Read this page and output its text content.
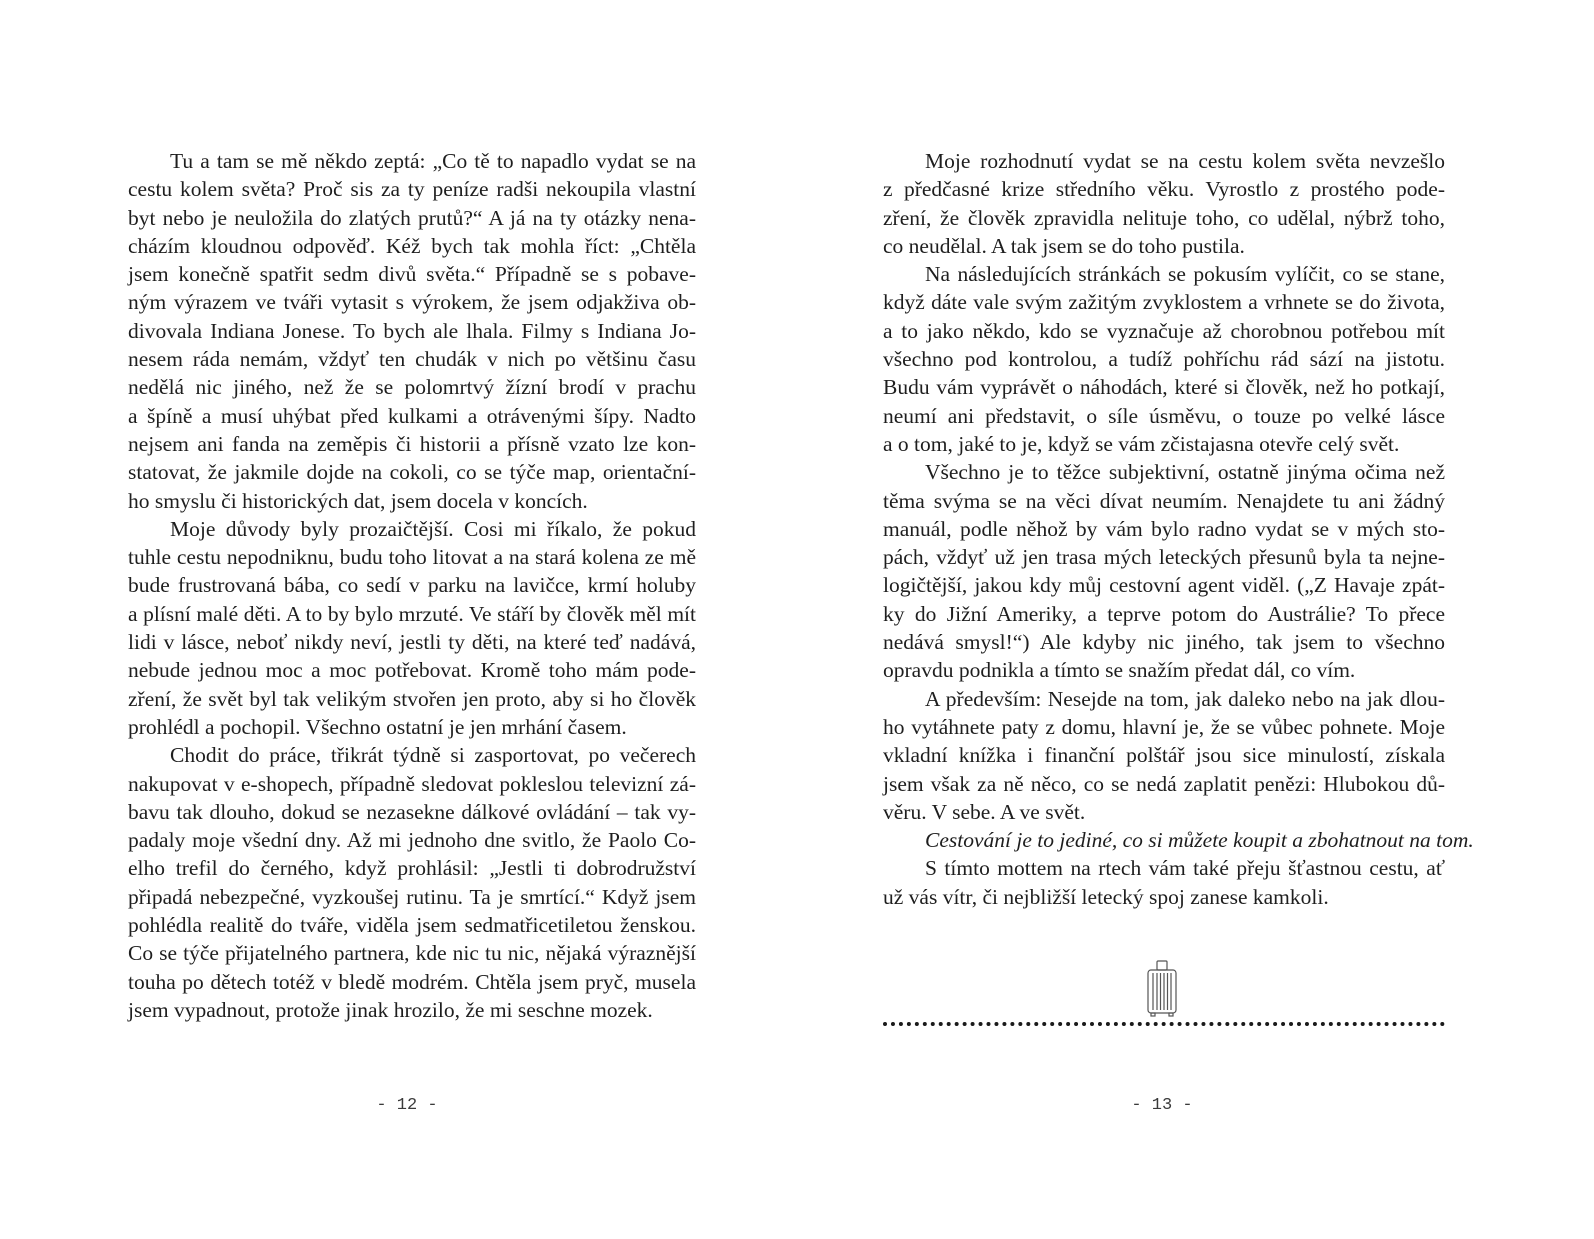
Tu a tam se mě někdo zeptá: „Co tě to napadlo vydat se na
cestu kolem světa? Proč sis za ty peníze radši nekoupila vlastní
byt nebo je neuložila do zlatých prutů?“ A já na ty otázky nena-
cházím kloudnou odpověď. Kéž bych tak mohla říct: „Chtěla
jsem konečně spatřit sedm divů světa.“ Případně se s pobave-
ným výrazem ve tváři vytasit s výrokem, že jsem odjakživa ob-
divovala Indiana Jonese. To bych ale lhala. Filmy s Indiana Jo-
nesem ráda nemám, vždyť ten chudák v nich po většinu času
nedělá nic jiného, než že se polomrtvý žízní brodí v prachu
a špíně a musí uhýbat před kulkami a otrávenými šípy. Nadto
nejsem ani fanda na zeměpis či historii a přísně vzato lze kon-
statovat, že jakmile dojde na cokoli, co se týče map, orientační-
ho smyslu či historických dat, jsem docela v koncích.
Moje důvody byly prozaičtější. Cosi mi říkalo, že pokud
tuhle cestu nepodniknu, budu toho litovat a na stará kolena ze mě
bude frustrovaná bába, co sedí v parku na lavičce, krmí holuby
a plísní malé děti. A to by bylo mrzuté. Ve stáří by člověk měl mít
lidi v lásce, neboť nikdy neví, jestli ty děti, na které teď nadává,
nebude jednou moc a moc potřebovat. Kromě toho mám pode-
zření, že svět byl tak velikým stvořen jen proto, aby si ho člověk
prohlédl a pochopil. Všechno ostatní je jen mrhání časem.
Chodit do práce, třikrát týdně si zasportovat, po večerech
nakupovat v e-shopech, případně sledovat pokleslou televizní zá-
bavu tak dlouho, dokud se nezasekne dálkové ovládání – tak vy-
padaly moje všední dny. Až mi jednoho dne svitlo, že Paolo Co-
elho trefil do černého, když prohlásil: „Jestli ti dobrodružství
připadá nebezpečné, vyzkoušej rutinu. Ta je smrtící.“ Když jsem
pohlédla realitě do tváře, viděla jsem sedmatřicetiletou ženskou.
Co se týče přijatelného partnera, kde nic tu nic, nějaká výraznější
touha po dětech totéž v bledě modrém. Chtěla jsem pryč, musela
jsem vypadnout, protože jinak hrozilo, že mi seschne mozek.
- 12 -
Moje rozhodnutí vydat se na cestu kolem světa nevzešlo
z předčasné krize středního věku. Vyrostlo z prostého pode-
zření, že člověk zpravidla nelituje toho, co udělal, nýbrž toho,
co neudělal. A tak jsem se do toho pustila.
Na následujících stránkách se pokusím vylíčit, co se stane,
když dáte vale svým zažitým zvyklostem a vrhnete se do života,
a to jako někdo, kdo se vyznačuje až chorobnou potřebou mít
všechno pod kontrolou, a tudíž pohříchu rád sází na jistotu.
Budu vám vyprávět o náhodách, které si člověk, než ho potkají,
neumí ani představit, o síle úsměvu, o touze po velké lásce
a o tom, jaké to je, když se vám zčistajasna otevře celý svět.
Všechno je to těžce subjektivní, ostatně jinýma očima než
těma svýma se na věci dívat neumím. Nenajdete tu ani žádný
manuál, podle něhož by vám bylo radno vydat se v mých sto-
pách, vždyť už jen trasa mých leteckých přesunů byla ta nejne-
logičtější, jakou kdy můj cestovní agent viděl. („Z Havaje zpát-
ky do Jižní Ameriky, a teprve potom do Austrálie? To přece
nedává smysl!“) Ale kdyby nic jiného, tak jsem to všechno
opravdu podnikla a tímto se snažím předat dál, co vím.
A především: Nesejde na tom, jak daleko nebo na jak dlou-
ho vytáhnete paty z domu, hlavní je, že se vůbec pohnete. Moje
vkladní knížka i finanční polštář jsou sice minulostí, získala
jsem však za ně něco, co se nedá zaplatit penězi: Hlubokou dů-
věru. V sebe. A ve svět.
Cestování je to jediné, co si můžete koupit a zbohatnout na tom.
S tímto mottem na rtech vám také přeju šťastnou cestu, ať
už vás vítr, či nejbližší letecký spoj zanese kamkoli.
- 13 -
